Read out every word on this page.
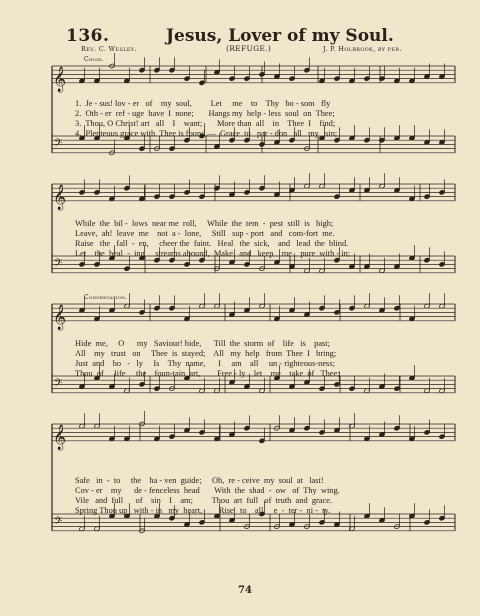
136.	Jesus, Lover of my Soul.
Rev. C. Wesley.	(REFUGE.)	J. P. Holbrook, by per.
Choir.
Congregation.
𝄞
𝄢
𝄞
𝄢
𝄞
𝄢
𝄞
𝄢
1.  Je - sus! lov - er   of    my  soul,         Let     me    to    Thy   bo - som   fly
2.  Oth - er  ref - uge  have  I  none;       Hangs my  help - less  soul  on  Thee;
3.  Thou, O Christ! art   all    I    want;       More than  all    in    Thee  I    find;
4.  Plenteous grace with  Thee is found,—  Grace  to   par - don   all   my   sin;
While  the  bil -  lows  near me  roll,     While  the  tem  -  pest  still  is   high;
Leave,  ah!  leave  me    not  a -  lone,     Still   sup - port   and   com-fort  me.
Raise   the   fall  -  en,     cheer the  faint.   Heal   the  sick,    and   lead  the  blind.
Let    the  heal  -  ing     streams abound,  Make   and   keep    me    pure  with - in;
Hide  me,     O      my   Saviour! hide,      Till  the  storm  of    life   is    past;
All    my   trust   on     Thee  is  stayed;    All   my  help   from  Thee  I   bring;
Just  and    ho   -   ly     Is    Thy  name,      I     am    all     un - righteous-ness;
Thou  of     life     the    foun-tain  art,        Free - ly    let    me    take  of   Thee;
Safe   in  -  to     the    ha - ven  guide;     Oh,  re - ceive  my  soul  at   last!
Cov - er    my      de - fenceless  head       With  the  shad  -  ow   of  Thy  wing.
Vile   and  full      of    sin    I    am;         Thou  art  full   of  truth  and  grace.
Spring Thou up   with - in   my  heart,        Rise   to    all     e  -  ter -  ni -  ty.
74
